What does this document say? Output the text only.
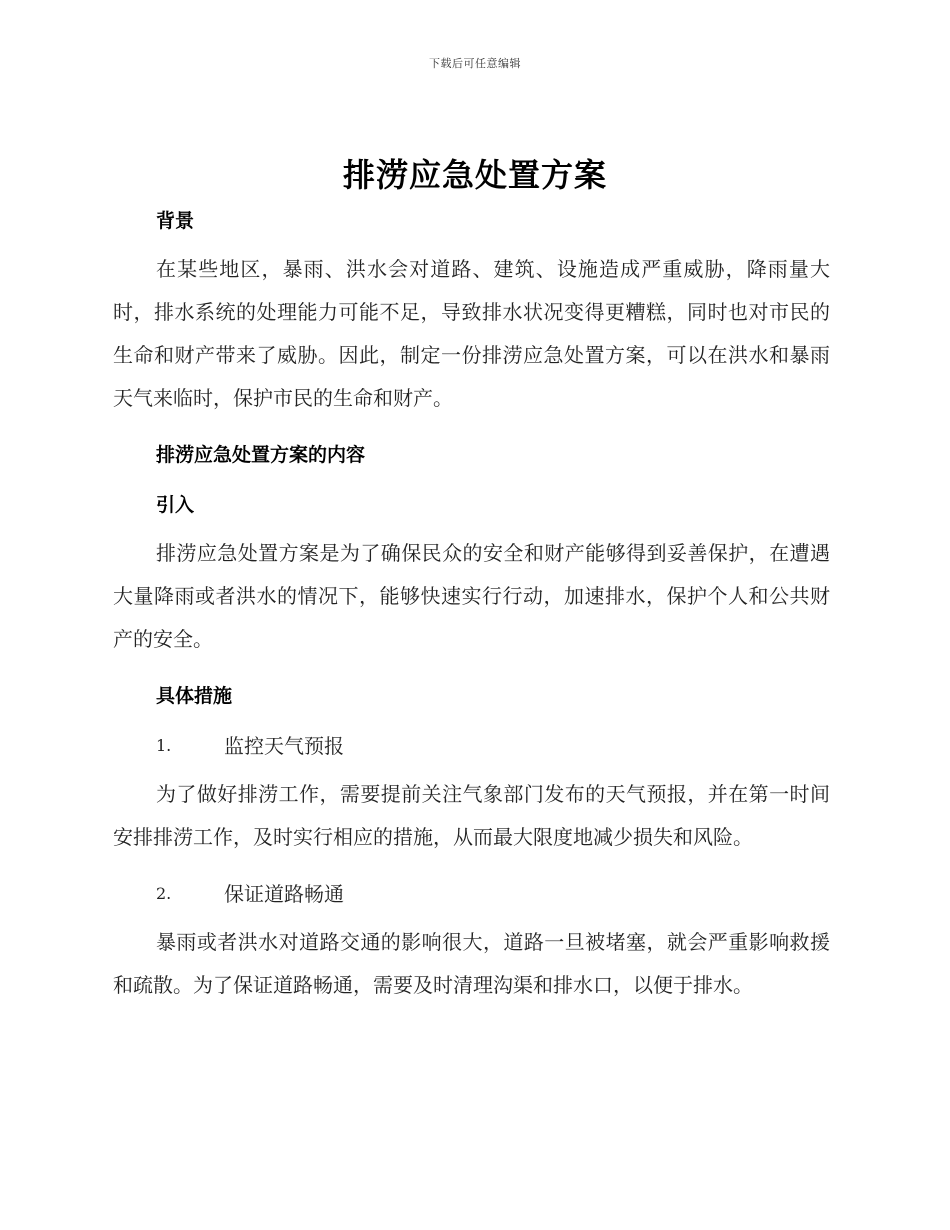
下载后可任意编辑
排涝应急处置方案
背景

在某些地区，暴雨、洪水会对道路、建筑、设施造成严重威胁，降雨量大时，排水系统的处理能力可能不足，导致排水状况变得更糟糕，同时也对市民的生命和财产带来了威胁。因此，制定一份排涝应急处置方案，可以在洪水和暴雨天气来临时，保护市民的生命和财产。

排涝应急处置方案的内容
引入

排涝应急处置方案是为了确保民众的安全和财产能够得到妥善保护，在遭遇大量降雨或者洪水的情况下，能够快速实行行动，加速排水，保护个人和公共财产的安全。

具体措施
1.	监控天气预报

为了做好排涝工作，需要提前关注气象部门发布的天气预报，并在第一时间安排排涝工作，及时实行相应的措施，从而最大限度地减少损失和风险。

2.	保证道路畅通

暴雨或者洪水对道路交通的影响很大，道路一旦被堵塞，就会严重影响救援和疏散。为了保证道路畅通，需要及时清理沟渠和排水口，以便于排水。
